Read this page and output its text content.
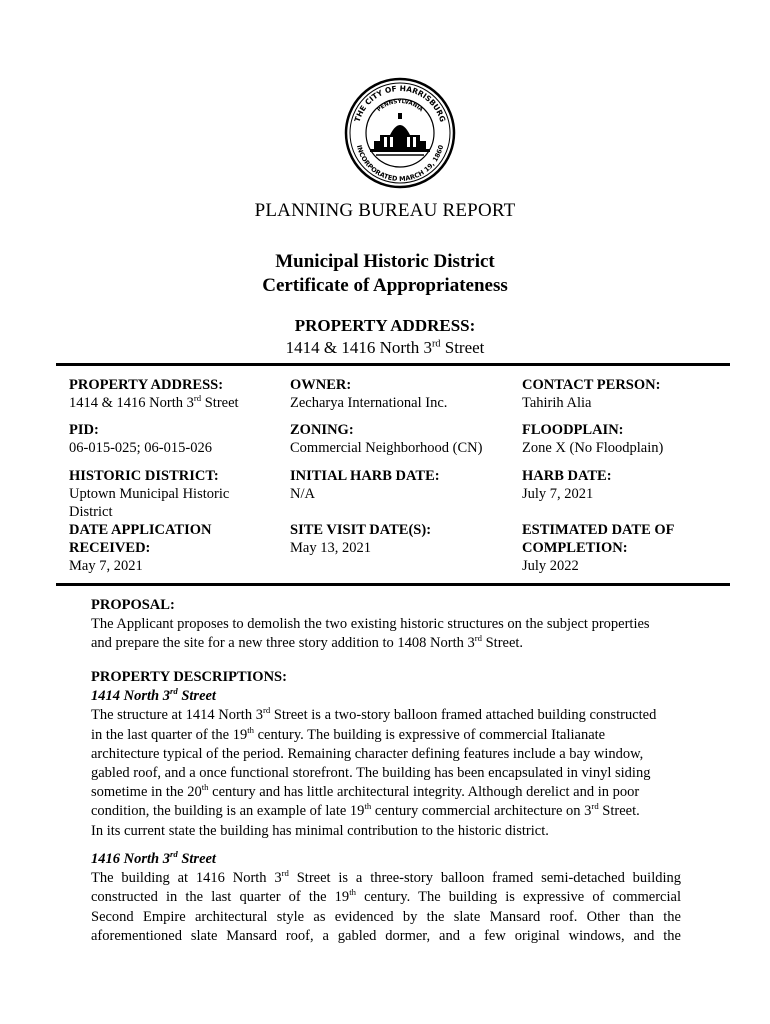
THE CITY OF HARRISBURG
INCORPORATED MARCH 19, 1860
PENNSYLVANIA
PLANNING BUREAU REPORT
Municipal Historic District
Certificate of Appropriateness
PROPERTY ADDRESS:
1414 & 1416 North 3rd Street
PROPERTY ADDRESS:
1414 & 1416 North 3rd Street
OWNER:
Zecharya International Inc.
CONTACT PERSON:
Tahirih Alia
PID:
06-015-025; 06-015-026
ZONING:
Commercial Neighborhood (CN)
FLOODPLAIN:
Zone X (No Floodplain)
HISTORIC DISTRICT:
Uptown Municipal Historic
District
INITIAL HARB DATE:
N/A
HARB DATE:
July 7, 2021
DATE APPLICATION
RECEIVED:
May 7, 2021
SITE VISIT DATE(S):
May 13, 2021
ESTIMATED DATE OF
COMPLETION:
July 2022
PROPOSAL:
The Applicant proposes to demolish the two existing historic structures on the subject properties
and prepare the site for a new three story addition to 1408 North 3rd Street.
PROPERTY DESCRIPTIONS:
1414 North 3rd Street
The structure at 1414 North 3rd Street is a two-story balloon framed attached building constructed
in the last quarter of the 19th century. The building is expressive of commercial Italianate
architecture typical of the period. Remaining character defining features include a bay window,
gabled roof, and a once functional storefront. The building has been encapsulated in vinyl siding
sometime in the 20th century and has little architectural integrity. Although derelict and in poor
condition, the building is an example of late 19th century commercial architecture on 3rd Street.
In its current state the building has minimal contribution to the historic district.
1416 North 3rd Street
The building at 1416 North 3rd Street is a three-story balloon framed semi-detached building
constructed in the last quarter of the 19th century. The building is expressive of commercial
Second Empire architectural style as evidenced by the slate Mansard roof. Other than the
aforementioned slate Mansard roof, a gabled dormer, and a few original windows, and the
